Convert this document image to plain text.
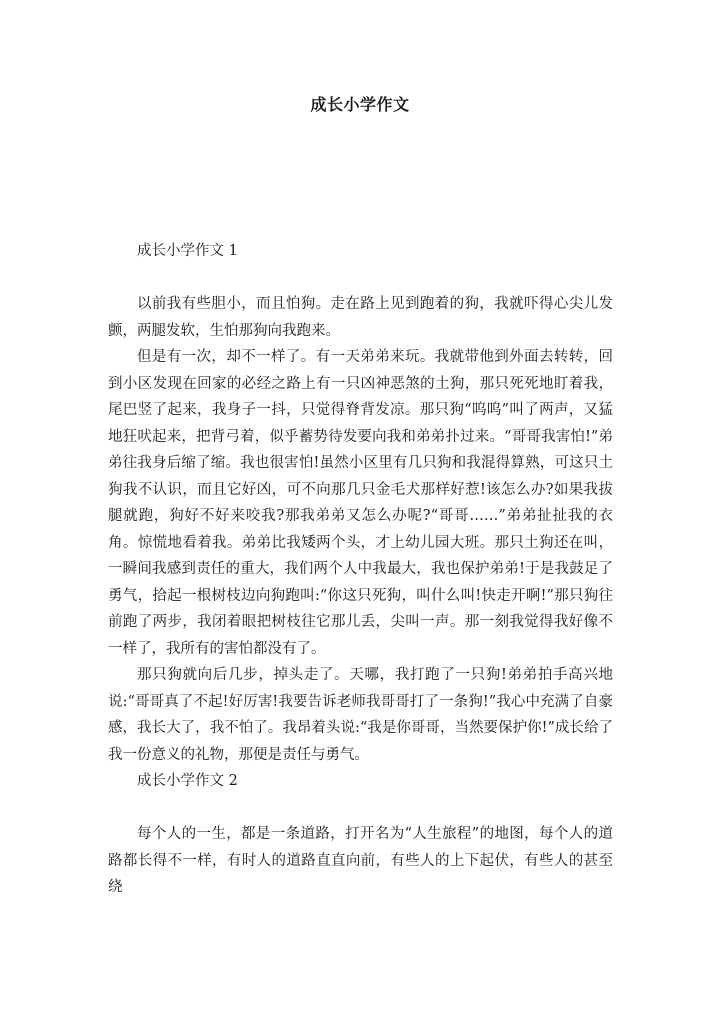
成长小学作文

成长小学作文 1

以前我有些胆小，而且怕狗。走在路上见到跑着的狗，我就吓得心尖儿发颤，两腿发软，生怕那狗向我跑来。

但是有一次，却不一样了。有一天弟弟来玩。我就带他到外面去转转，回到小区发现在回家的必经之路上有一只凶神恶煞的土狗，那只死死地盯着我，尾巴竖了起来，我身子一抖，只觉得脊背发凉。那只狗“呜呜”叫了两声，又猛地狂吠起来，把背弓着，似乎蓄势待发要向我和弟弟扑过来。“哥哥我害怕!”弟弟往我身后缩了缩。我也很害怕!虽然小区里有几只狗和我混得算熟，可这只土狗我不认识，而且它好凶，可不向那几只金毛犬那样好惹!该怎么办?如果我拔腿就跑，狗好不好来咬我?那我弟弟又怎么办呢?“哥哥……”弟弟扯扯我的衣角。惊慌地看着我。弟弟比我矮两个头，才上幼儿园大班。那只土狗还在叫，一瞬间我感到责任的重大，我们两个人中我最大，我也保护弟弟!于是我鼓足了勇气，拾起一根树枝边向狗跑叫:“你这只死狗，叫什么叫!快走开啊!”那只狗往前跑了两步，我闭着眼把树枝往它那儿丢，尖叫一声。那一刻我觉得我好像不一样了，我所有的害怕都没有了。

那只狗就向后几步，掉头走了。天哪，我打跑了一只狗!弟弟拍手高兴地说:“哥哥真了不起!好厉害!我要告诉老师我哥哥打了一条狗!”我心中充满了自豪感，我长大了，我不怕了。我昂着头说:“我是你哥哥，当然要保护你!”成长给了我一份意义的礼物，那便是责任与勇气。

成长小学作文 2

每个人的一生，都是一条道路，打开名为“人生旅程”的地图，每个人的道路都长得不一样，有时人的道路直直向前，有些人的上下起伏，有些人的甚至绕
